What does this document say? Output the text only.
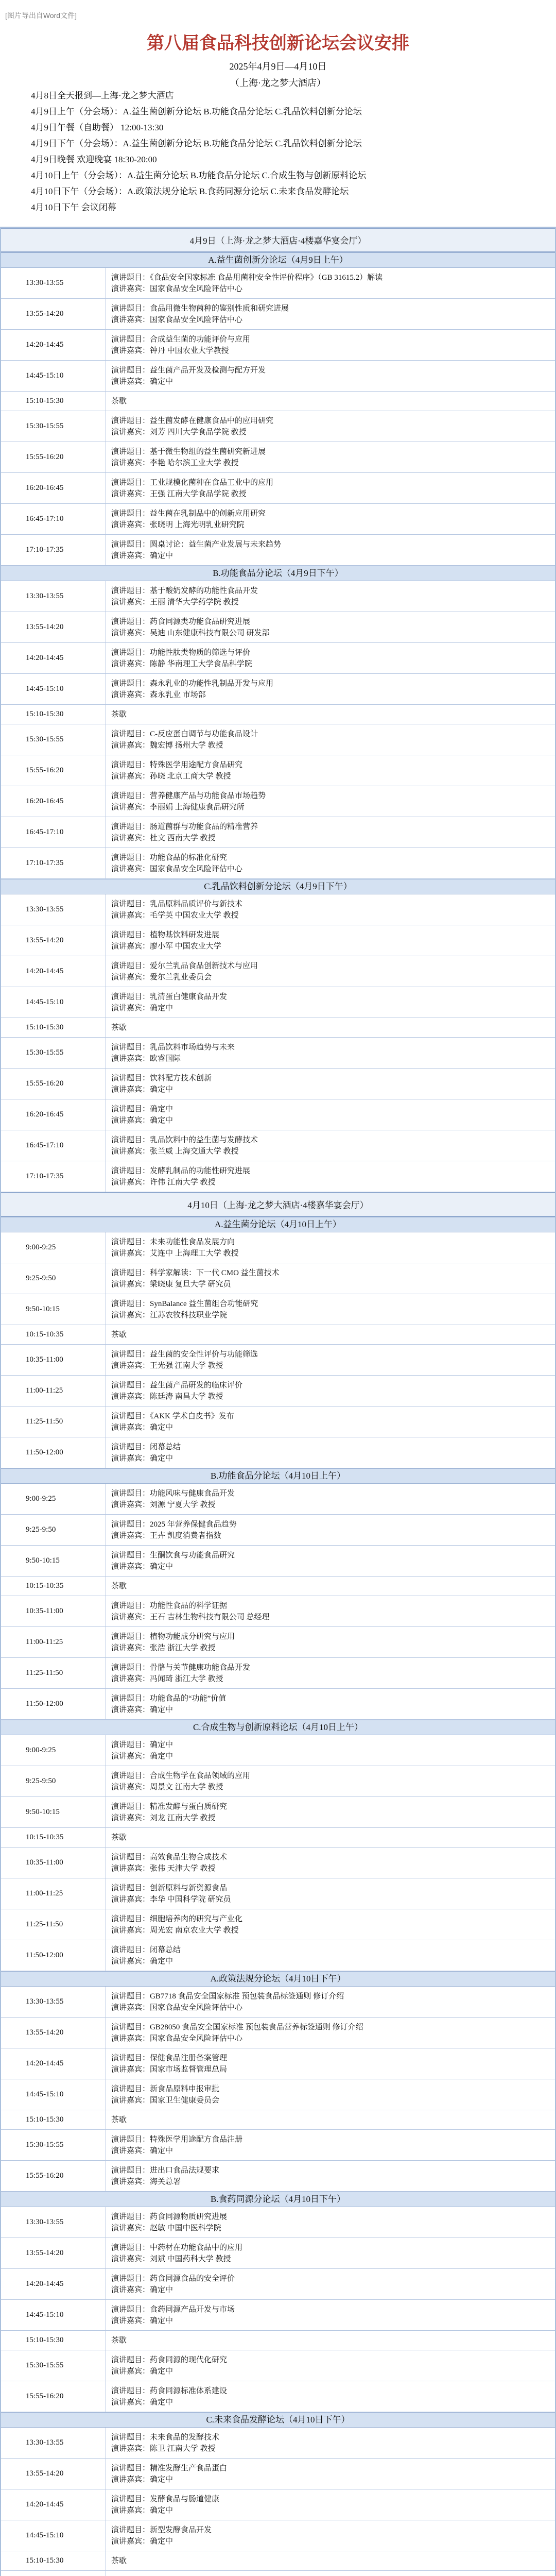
[图片导出自Word文件]
第八届食品科技创新论坛会议安排
2025年4月9日—4月10日
（上海·龙之梦大酒店）
4月8日全天报到—上海·龙之梦大酒店
4月9日上午（分会场）：A.益生菌创新分论坛 B.功能食品分论坛 C.乳品饮料创新分论坛
4月9日午餐（自助餐） 12:00-13:30
4月9日下午（分会场）：A.益生菌创新分论坛 B.功能食品分论坛 C.乳品饮料创新分论坛
4月9日晚餐 欢迎晚宴 18:30-20:00
4月10日上午（分会场）：A.益生菌分论坛 B.功能食品分论坛 C.合成生物与创新原料论坛
4月10日下午（分会场）：A.政策法规分论坛 B.食药同源分论坛 C.未来食品发酵论坛
4月10日下午 会议闭幕
4月9日（上海·龙之梦大酒店·4楼嘉华宴会厅）
A.益生菌创新分论坛（4月9日上午）
13:30-13:55
演讲题目：《食品安全国家标准 食品用菌种安全性评价程序》（GB 31615.2）解读
演讲嘉宾：国家食品安全风险评估中心
13:55-14:20
演讲题目：食品用微生物菌种的鉴别性质和研究进展
演讲嘉宾：国家食品安全风险评估中心
14:20-14:45
演讲题目：合成益生菌的功能评价与应用
演讲嘉宾：钟丹 中国农业大学教授
14:45-15:10
演讲题目：益生菌产品开发及检测与配方开发
演讲嘉宾：确定中
15:10-15:30	茶歇
15:30-15:55
演讲题目：益生菌发酵在健康食品中的应用研究
演讲嘉宾：刘芳 四川大学食品学院 教授
15:55-16:20
演讲题目：基于微生物组的益生菌研究新进展
演讲嘉宾：李艳 哈尔滨工业大学 教授
16:20-16:45
演讲题目：工业规模化菌种在食品工业中的应用
演讲嘉宾：王强 江南大学食品学院 教授
16:45-17:10
演讲题目：益生菌在乳制品中的创新应用研究
演讲嘉宾：张晓明 上海光明乳业研究院
17:10-17:35
演讲题目：圆桌讨论：益生菌产业发展与未来趋势
演讲嘉宾：确定中
B.功能食品分论坛（4月9日下午）
13:30-13:55
演讲题目：基于酸奶发酵的功能性食品开发
演讲嘉宾：王丽 清华大学药学院 教授
13:55-14:20
演讲题目：药食同源类功能食品研究进展
演讲嘉宾：吴迪 山东健康科技有限公司 研发部
14:20-14:45
演讲题目：功能性肽类物质的筛选与评价
演讲嘉宾：陈静 华南理工大学食品科学院
14:45-15:10
演讲题目：森永乳业的功能性乳制品开发与应用
演讲嘉宾：森永乳业 市场部
15:10-15:30	茶歇
15:30-15:55
演讲题目：C-反应蛋白调节与功能食品设计
演讲嘉宾：魏宏博 扬州大学 教授
15:55-16:20
演讲题目：特殊医学用途配方食品研究
演讲嘉宾：孙晓 北京工商大学 教授
16:20-16:45
演讲题目：营养健康产品与功能食品市场趋势
演讲嘉宾：李丽娟 上海健康食品研究所
16:45-17:10
演讲题目：肠道菌群与功能食品的精准营养
演讲嘉宾：杜文 西南大学 教授
17:10-17:35
演讲题目：功能食品的标准化研究
演讲嘉宾：国家食品安全风险评估中心
C.乳品饮料创新分论坛（4月9日下午）
13:30-13:55
演讲题目：乳品原料品质评价与新技术
演讲嘉宾：毛学英 中国农业大学 教授
13:55-14:20
演讲题目：植物基饮料研发进展
演讲嘉宾：廖小军 中国农业大学
14:20-14:45
演讲题目：爱尔兰乳品食品创新技术与应用
演讲嘉宾：爱尔兰乳业委员会
14:45-15:10
演讲题目：乳清蛋白健康食品开发
演讲嘉宾：确定中
15:10-15:30	茶歇
15:30-15:55
演讲题目：乳品饮料市场趋势与未来
演讲嘉宾：欧睿国际
15:55-16:20
演讲题目：饮料配方技术创新
演讲嘉宾：确定中
16:20-16:45
演讲题目：确定中
演讲嘉宾：确定中
16:45-17:10
演讲题目：乳品饮料中的益生菌与发酵技术
演讲嘉宾：张兰威 上海交通大学 教授
17:10-17:35
演讲题目：发酵乳制品的功能性研究进展
演讲嘉宾：许伟 江南大学 教授
4月10日（上海·龙之梦大酒店·4楼嘉华宴会厅）
A.益生菌分论坛（4月10日上午）
9:00-9:25
演讲题目：未来功能性食品发展方向
演讲嘉宾：艾连中 上海理工大学 教授
9:25-9:50
演讲题目：科学家解读：下一代 CMO 益生菌技术
演讲嘉宾：梁晓康 复旦大学 研究员
9:50-10:15
演讲题目：SynBalance 益生菌组合功能研究
演讲嘉宾：江苏农牧科技职业学院
10:15-10:35	茶歇
10:35-11:00
演讲题目：益生菌的安全性评价与功能筛选
演讲嘉宾：王光强 江南大学 教授
11:00-11:25
演讲题目：益生菌产品研发的临床评价
演讲嘉宾：陈廷涛 南昌大学 教授
11:25-11:50
演讲题目：《AKK 学术白皮书》发布
演讲嘉宾：确定中
11:50-12:00
演讲题目：闭幕总结
演讲嘉宾：确定中
B.功能食品分论坛（4月10日上午）
9:00-9:25
演讲题目：功能风味与健康食品开发
演讲嘉宾：刘源 宁夏大学 教授
9:25-9:50
演讲题目：2025 年营养保健食品趋势
演讲嘉宾：王卉 凯度消费者指数
9:50-10:15
演讲题目：生酮饮食与功能食品研究
演讲嘉宾：确定中
10:15-10:35	茶歇
10:35-11:00
演讲题目：功能性食品的科学证据
演讲嘉宾：王石 吉林生物科技有限公司 总经理
11:00-11:25
演讲题目：植物功能成分研究与应用
演讲嘉宾：张浩 浙江大学 教授
11:25-11:50
演讲题目：骨骼与关节健康功能食品开发
演讲嘉宾：冯闻琦 浙江大学 教授
11:50-12:00
演讲题目：功能食品的“功能”价值
演讲嘉宾：确定中
C.合成生物与创新原料论坛（4月10日上午）
9:00-9:25
演讲题目：确定中
演讲嘉宾：确定中
9:25-9:50
演讲题目：合成生物学在食品领域的应用
演讲嘉宾：周景文 江南大学 教授
9:50-10:15
演讲题目：精准发酵与蛋白质研究
演讲嘉宾：刘龙 江南大学 教授
10:15-10:35	茶歇
10:35-11:00
演讲题目：高效食品生物合成技术
演讲嘉宾：张伟 天津大学 教授
11:00-11:25
演讲题目：创新原料与新资源食品
演讲嘉宾：李华 中国科学院 研究员
11:25-11:50
演讲题目：细胞培养肉的研究与产业化
演讲嘉宾：周光宏 南京农业大学 教授
11:50-12:00
演讲题目：闭幕总结
演讲嘉宾：确定中
A.政策法规分论坛（4月10日下午）
13:30-13:55
演讲题目：GB7718 食品安全国家标准 预包装食品标签通则 修订介绍
演讲嘉宾：国家食品安全风险评估中心
13:55-14:20
演讲题目：GB28050 食品安全国家标准 预包装食品营养标签通则 修订介绍
演讲嘉宾：国家食品安全风险评估中心
14:20-14:45
演讲题目：保健食品注册备案管理
演讲嘉宾：国家市场监督管理总局
14:45-15:10
演讲题目：新食品原料申报审批
演讲嘉宾：国家卫生健康委员会
15:10-15:30	茶歇
15:30-15:55
演讲题目：特殊医学用途配方食品注册
演讲嘉宾：确定中
15:55-16:20
演讲题目：进出口食品法规要求
演讲嘉宾：海关总署
B.食药同源分论坛（4月10日下午）
13:30-13:55
演讲题目：药食同源物质研究进展
演讲嘉宾：赵敏 中国中医科学院
13:55-14:20
演讲题目：中药材在功能食品中的应用
演讲嘉宾：刘斌 中国药科大学 教授
14:20-14:45
演讲题目：药食同源食品的安全评价
演讲嘉宾：确定中
14:45-15:10
演讲题目：食药同源产品开发与市场
演讲嘉宾：确定中
15:10-15:30	茶歇
15:30-15:55
演讲题目：药食同源的现代化研究
演讲嘉宾：确定中
15:55-16:20
演讲题目：药食同源标准体系建设
演讲嘉宾：确定中
C.未来食品发酵论坛（4月10日下午）
13:30-13:55
演讲题目：未来食品的发酵技术
演讲嘉宾：陈卫 江南大学 教授
13:55-14:20
演讲题目：精准发酵生产食品蛋白
演讲嘉宾：确定中
14:20-14:45
演讲题目：发酵食品与肠道健康
演讲嘉宾：确定中
14:45-15:10
演讲题目：新型发酵食品开发
演讲嘉宾：确定中
15:10-15:30	茶歇
